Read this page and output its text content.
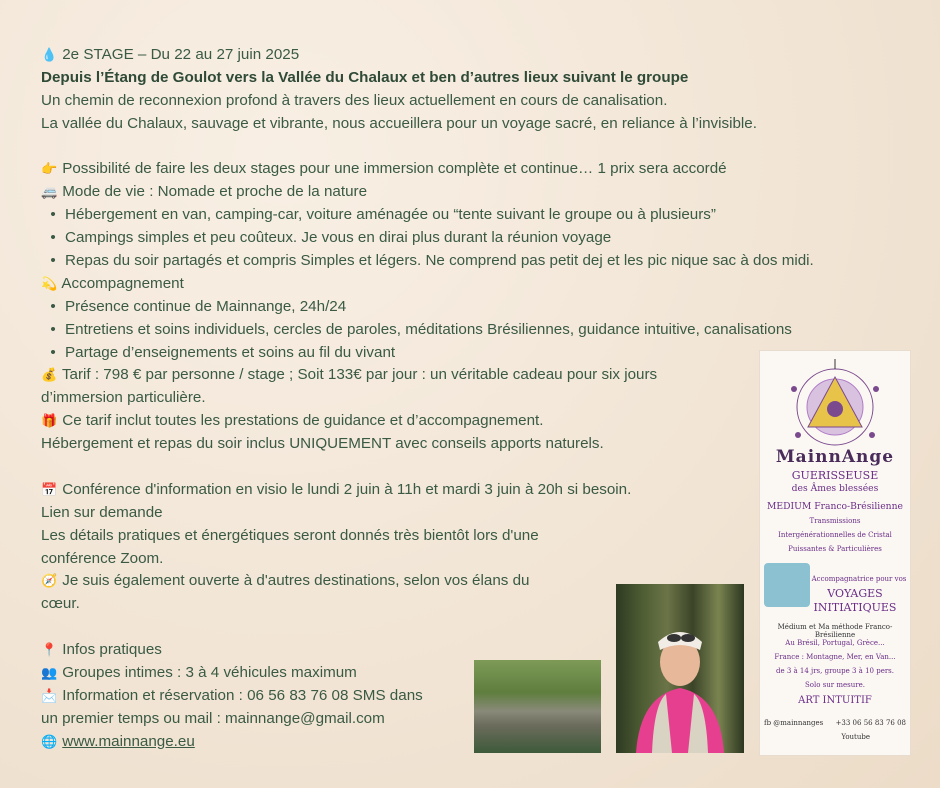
💧 2e STAGE – Du 22 au 27 juin 2025
Depuis l’Étang de Goulot vers la Vallée du Chalaux et ben d’autres lieux suivant le groupe
Un chemin de reconnexion profond à travers des lieux actuellement en cours de canalisation.
La vallée du Chalaux, sauvage et vibrante, nous accueillera pour un voyage sacré, en reliance à l’invisible.
👉 Possibilité de faire les deux stages pour une immersion complète et continue… 1 prix sera accordé
🚐 Mode de vie : Nomade et proche de la nature
• Hébergement en van, camping-car, voiture aménagée ou “tente suivant le groupe ou à plusieurs”
• Campings simples et peu coûteux. Je vous en dirai plus durant la réunion voyage
• Repas du soir partagés et compris Simples et légers. Ne comprend pas petit dej et les pic nique sac à dos midi.
💫 Accompagnement
• Présence continue de Mainnange, 24h/24
• Entretiens et soins individuels, cercles de paroles, méditations Brésiliennes, guidance intuitive, canalisations
• Partage d’enseignements et soins au fil du vivant
💰 Tarif : 798 € par personne / stage ; Soit 133€ par jour : un véritable cadeau pour six jours
d’immersion particulière.
🎁 Ce tarif inclut toutes les prestations de guidance et d’accompagnement.
Hébergement et repas du soir inclus UNIQUEMENT avec conseils apports naturels.
📅 Conférence d'information en visio le lundi 2 juin à 11h et mardi 3 juin à 20h si besoin.
Lien sur demande
Les détails pratiques et énergétiques seront donnés très bientôt lors d'une
conférence Zoom.
🧭 Je suis également ouverte à d'autres destinations, selon vos élans du
cœur.
📍 Infos pratiques
👥 Groupes intimes : 3 à 4 véhicules maximum
📩 Information et réservation : 06 56 83 76 08 SMS dans
un premier temps ou mail : mainnange@gmail.com
🌐 www.mainnange.eu
MainnAnge
GUERISSEUSE
des Âmes blessées
MEDIUM Franco-Brésilienne
Transmissions
Intergénérationnelles de Cristal
Puissantes & Particulières
Accompagnatrice pour vos
VOYAGES
INITIATIQUES
Médium et Ma méthode Franco-Brésilienne
Au Brésil, Portugal, Grèce...
France : Montagne, Mer, en Van...
de 3 à 14 jrs, groupe 3 à 10 pers.
Solo sur mesure.
ART INTUITIF
fb @mainnanges +33 06 56 83 76 08
Youtube
